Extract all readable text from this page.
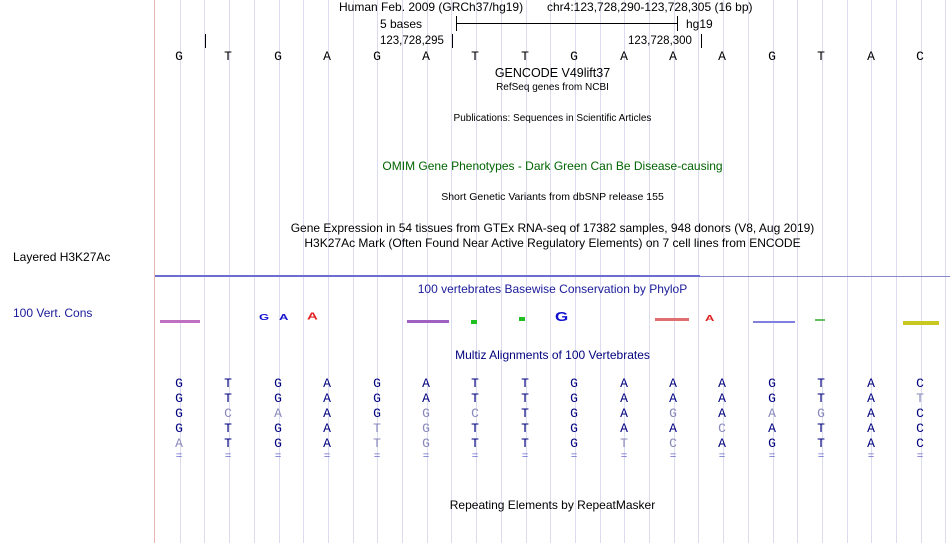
Layered H3K27Ac
100 Vert. Cons
Human Feb. 2009 (GRCh37/hg19) chr4:123,728,290-123,728,305 (16 bp)
5 bases	hg19
123,728,295	123,728,300
G	T	G	A	G	A	T	T	G	A	A	A	G	T	A	C
GENCODE V49lift37
RefSeq genes from NCBI
Publications: Sequences in Scientific Articles
OMIM Gene Phenotypes - Dark Green Can Be Disease-causing
Short Genetic Variants from dbSNP release 155
Gene Expression in 54 tissues from GTEx RNA-seq of 17382 samples, 948 donors (V8, Aug 2019)
H3K27Ac Mark (Often Found Near Active Regulatory Elements) on 7 cell lines from ENCODE
100 vertebrates Basewise Conservation by PhyloP
G A A	G	A
Multiz Alignments of 100 Vertebrates
G	T	G	A	G	A	T	T	G	A	A	A	G	T	A	C
G	T	G	A	G	A	T	T	G	A	A	A	G	T	A	T
G	C	A	A	G	G	C	T	G	A	G	A	A	G	A	C
G	T	G	A	T	G	T	T	G	A	A	C	A	T	A	C
A	T	G	A	T	G	T	T	G	T	C	A	G	T	A	C
=	=	=	=	=	=	=	=	=	=	=	=	=	=	=	=
Repeating Elements by RepeatMasker
